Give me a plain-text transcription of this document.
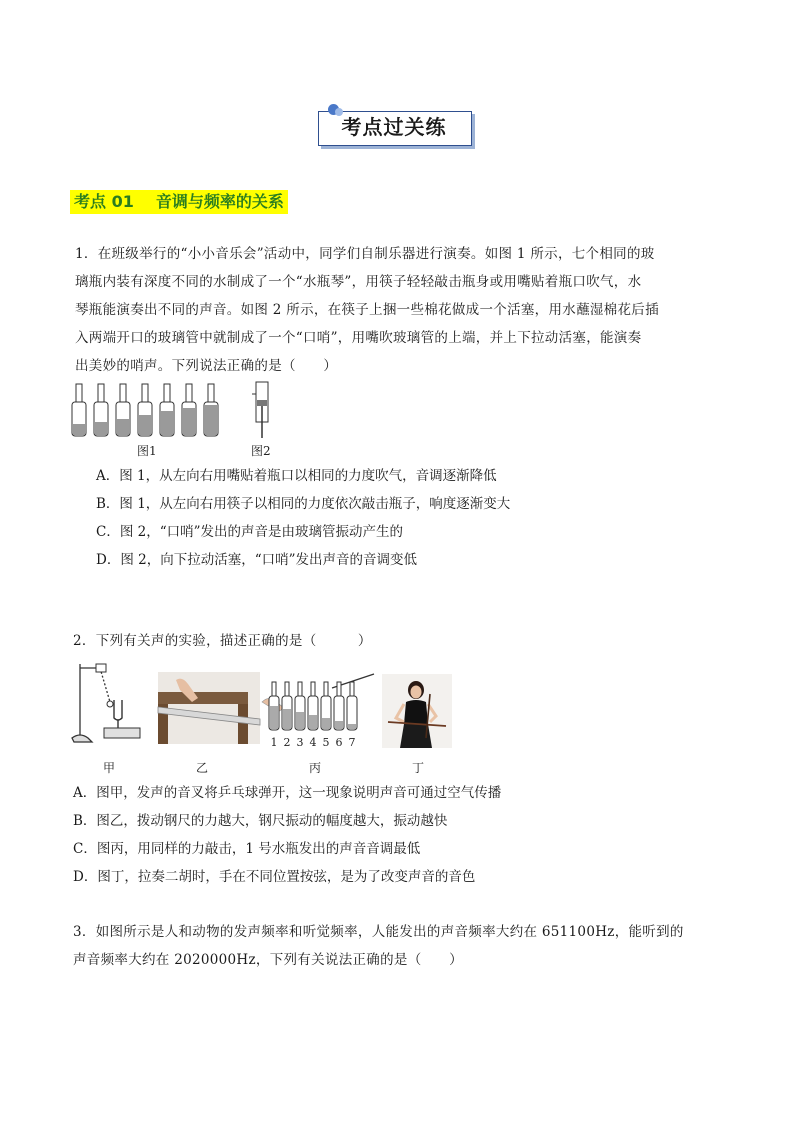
考点过关练
考点 01 音调与频率的关系
1．在班级举行的“小小音乐会”活动中，同学们自制乐器进行演奏。如图 1 所示，七个相同的玻
璃瓶内装有深度不同的水制成了一个“水瓶琴”，用筷子轻轻敲击瓶身或用嘴贴着瓶口吹气，水
琴瓶能演奏出不同的声音。如图 2 所示，在筷子上捆一些棉花做成一个活塞，用水蘸湿棉花后插
入两端开口的玻璃管中就制成了一个“口哨”，用嘴吹玻璃管的上端，并上下拉动活塞，能演奏
出美妙的哨声。下列说法正确的是（　　）
图1	图2
A．图 1，从左向右用嘴贴着瓶口以相同的力度吹气，音调逐渐降低
B．图 1，从左向右用筷子以相同的力度依次敲击瓶子，响度逐渐变大
C．图 2，“口哨”发出的声音是由玻璃管振动产生的
D．图 2，向下拉动活塞，“口哨”发出声音的音调变低
2．下列有关声的实验，描述正确的是（　　　）
1 2 3 4 5 6 7
甲	乙	丙	丁
A．图甲，发声的音叉将乒乓球弹开，这一现象说明声音可通过空气传播
B．图乙，拨动钢尺的力越大，钢尺振动的幅度越大，振动越快
C．图丙，用同样的力敲击，1 号水瓶发出的声音音调最低
D．图丁，拉奏二胡时，手在不同位置按弦，是为了改变声音的音色
3．如图所示是人和动物的发声频率和听觉频率，人能发出的声音频率大约在 651100Hz，能听到的
声音频率大约在 2020000Hz，下列有关说法正确的是（　　）
